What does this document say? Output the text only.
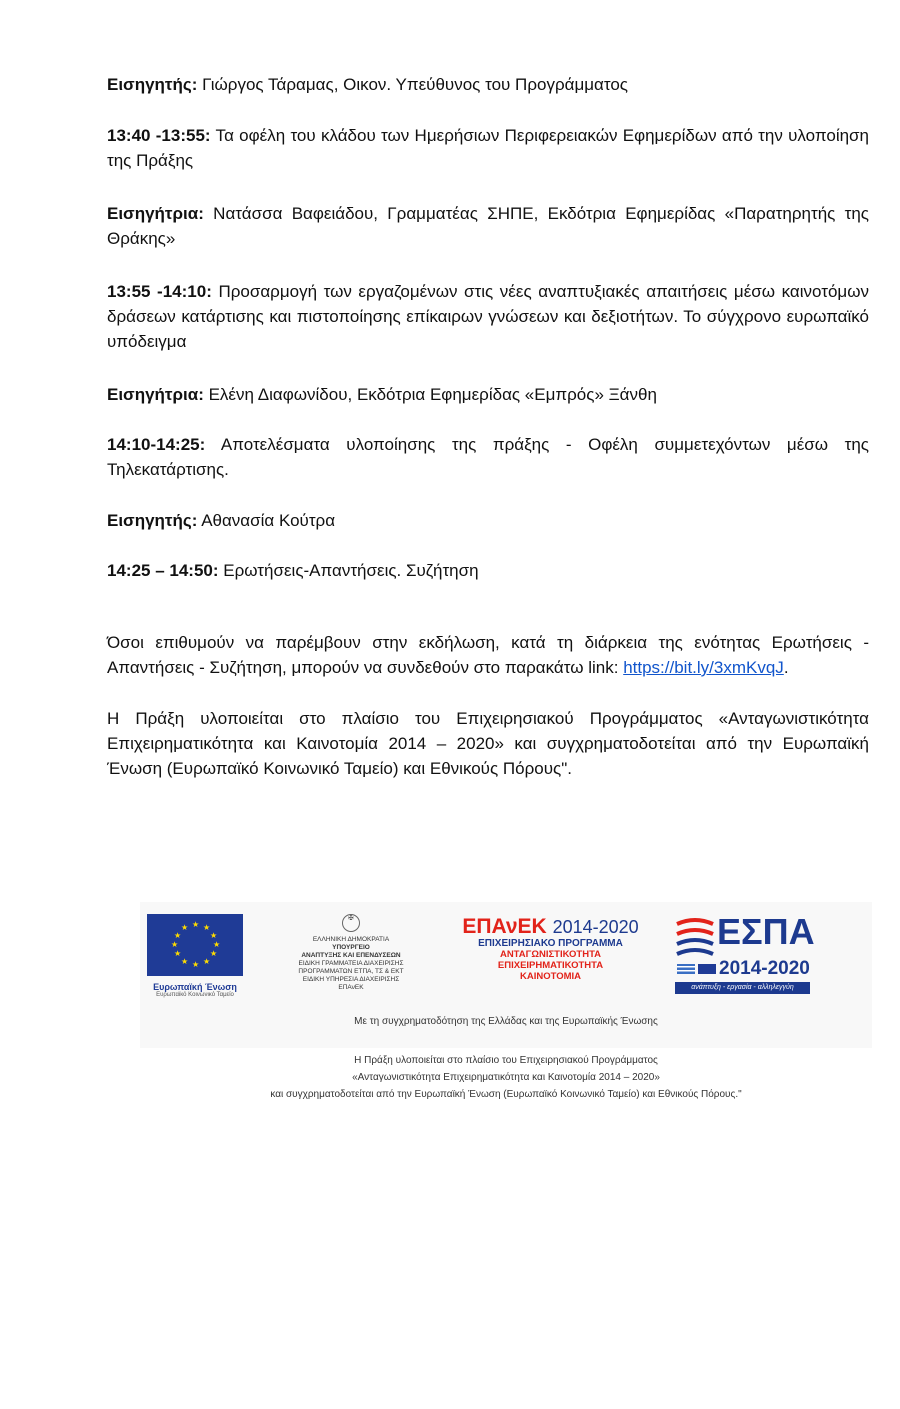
Εισηγητής: Γιώργος Τάραμας, Οικον. Υπεύθυνος του Προγράμματος

13:40 -13:55: Τα οφέλη του κλάδου των Ημερήσιων Περιφερειακών Εφημερίδων από την υλοποίηση της Πράξης

Εισηγήτρια: Νατάσσα Βαφειάδου, Γραμματέας ΣΗΠΕ, Εκδότρια Εφημερίδας «Παρατηρητής της Θράκης»

13:55 -14:10: Προσαρμογή των εργαζομένων στις νέες αναπτυξιακές απαιτήσεις μέσω καινοτόμων δράσεων κατάρτισης και πιστοποίησης επίκαιρων γνώσεων και δεξιοτήτων. Το σύγχρονο ευρωπαϊκό υπόδειγμα

Εισηγήτρια: Ελένη Διαφωνίδου, Εκδότρια Εφημερίδας «Εμπρός» Ξάνθη

14:10-14:25: Αποτελέσματα υλοποίησης της πράξης - Οφέλη συμμετεχόντων μέσω της Τηλεκατάρτισης.

Εισηγητής: Αθανασία Κούτρα

14:25 – 14:50: Ερωτήσεις-Απαντήσεις. Συζήτηση

Όσοι επιθυμούν να παρέμβουν στην εκδήλωση, κατά τη διάρκεια της ενότητας Ερωτήσεις - Απαντήσεις - Συζήτηση, μπορούν να συνδεθούν στο παρακάτω link: https://bit.ly/3xmKvqJ.

Η Πράξη υλοποιείται στο πλαίσιο του Επιχειρησιακού Προγράμματος «Ανταγωνιστικότητα Επιχειρηματικότητα και Καινοτομία 2014 – 2020» και συγχρηματοδοτείται από την Ευρωπαϊκή Ένωση (Ευρωπαϊκό Κοινωνικό Ταμείο) και Εθνικούς Πόρους".

★ ★
★
★
★
★
★
★
★
★
★
★
Ευρωπαϊκή Ένωση
Ευρωπαϊκό Κοινωνικό Ταμείο
✠
ΕΛΛΗΝΙΚΗ ΔΗΜΟΚΡΑΤΙΑ
ΥΠΟΥΡΓΕΙΟ
ΑΝΑΠΤΥΞΗΣ ΚΑΙ ΕΠΕΝΔΥΣΕΩΝ
ΕΙΔΙΚΗ ΓΡΑΜΜΑΤΕΙΑ ΔΙΑΧΕΙΡΙΣΗΣ
ΠΡΟΓΡΑΜΜΑΤΩΝ ΕΤΠΑ, ΤΣ & ΕΚΤ
ΕΙΔΙΚΗ ΥΠΗΡΕΣΙΑ ΔΙΑΧΕΙΡΙΣΗΣ ΕΠΑνΕΚ
ΕΠΑνΕΚ 2014-2020
ΕΠΙΧΕΙΡΗΣΙΑΚΟ ΠΡΟΓΡΑΜΜΑ
ΑΝΤΑΓΩΝΙΣΤΙΚΟΤΗΤΑ
ΕΠΙΧΕΙΡΗΜΑΤΙΚΟΤΗΤΑ
ΚΑΙΝΟΤΟΜΙΑ
ΕΣΠΑ
2014-2020
ανάπτυξη - εργασία - αλληλεγγύη
Με τη συγχρηματοδότηση της Ελλάδας και της Ευρωπαϊκής Ένωσης
Η Πράξη υλοποιείται στο πλαίσιο του Επιχειρησιακού Προγράμματος
«Ανταγωνιστικότητα Επιχειρηματικότητα και Καινοτομία 2014 – 2020»
και συγχρηματοδοτείται από την Ευρωπαϊκή Ένωση (Ευρωπαϊκό Κοινωνικό Ταμείο) και Εθνικούς Πόρους."
